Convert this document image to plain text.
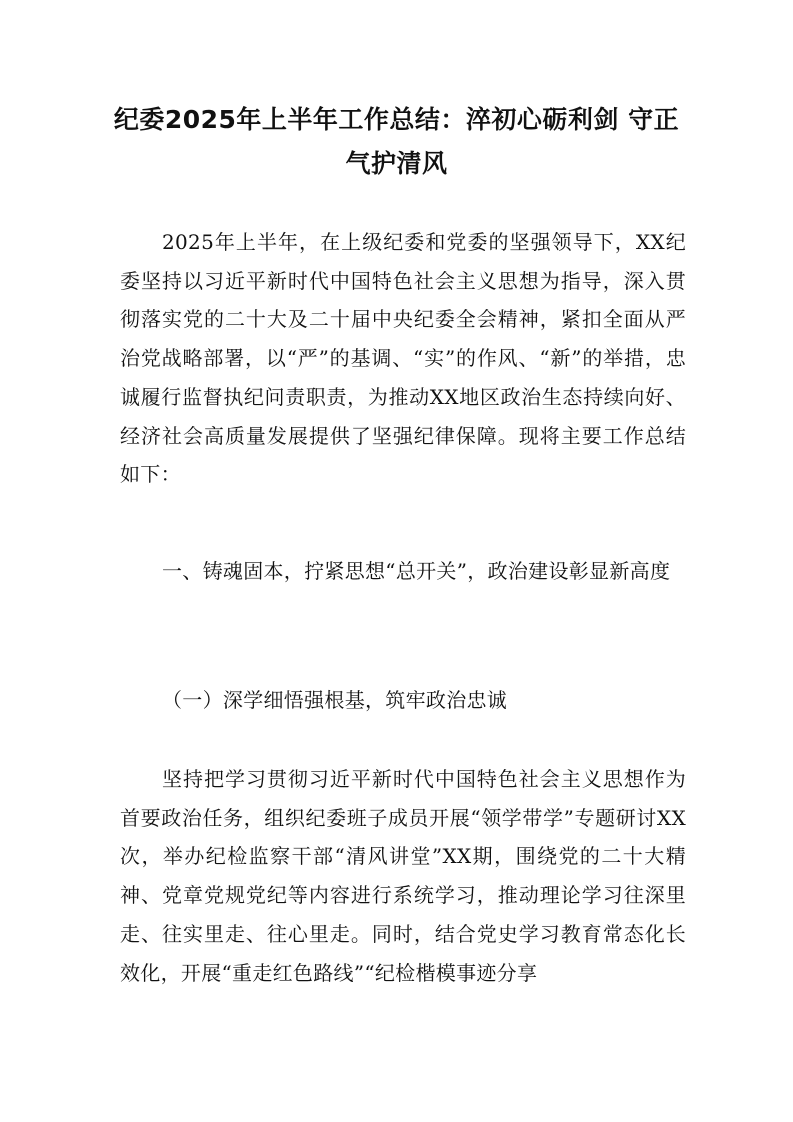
纪委2025年上半年工作总结：淬初心砺利剑 守正气护清风

2025年上半年，在上级纪委和党委的坚强领导下，XX纪委坚持以习近平新时代中国特色社会主义思想为指导，深入贯彻落实党的二十大及二十届中央纪委全会精神，紧扣全面从严治党战略部署，以“严”的基调、“实”的作风、“新”的举措，忠诚履行监督执纪问责职责，为推动XX地区政治生态持续向好、经济社会高质量发展提供了坚强纪律保障。现将主要工作总结如下：

一、铸魂固本，拧紧思想“总开关”，政治建设彰显新高度

（一）深学细悟强根基，筑牢政治忠诚

坚持把学习贯彻习近平新时代中国特色社会主义思想作为首要政治任务，组织纪委班子成员开展“领学带学”专题研讨XX次，举办纪检监察干部“清风讲堂”XX期，围绕党的二十大精神、党章党规党纪等内容进行系统学习，推动理论学习往深里走、往实里走、往心里走。同时，结合党史学习教育常态化长效化，开展“重走红色路线”“纪检楷模事迹分享
